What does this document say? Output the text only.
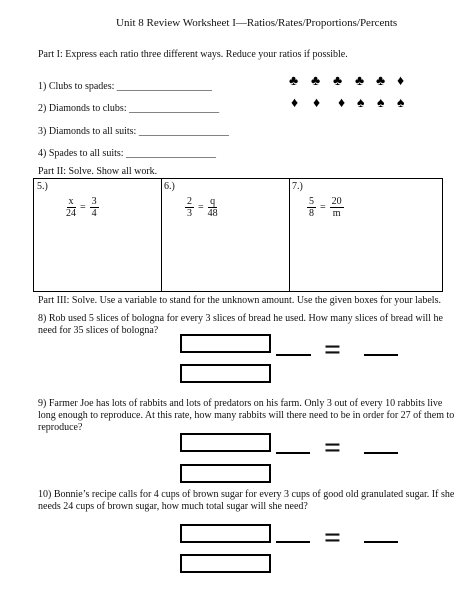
Unit 8 Review Worksheet I—Ratios/Rates/Proportions/Percents
Part I: Express each ratio three different ways. Reduce your ratios if possible.
1) Clubs to spades: ___________________
2) Diamonds to clubs: __________________
3) Diamonds to all suits: __________________
4) Spades to all suits: __________________
♣ ♣ ♣ ♣ ♣ ♦
♦ ♦ ♦ ♠ ♠ ♠
Part II: Solve. Show all work.
5.)
$\frac{x}{24} = \frac{3}{4}$
6.)
$\frac{2}{3} = \frac{q}{48}$
7.)
$\frac{5}{8} = \frac{20}{m}$
Part III: Solve. Use a variable to stand for the unknown amount. Use the given boxes for your labels.
8) Rob used 5 slices of bologna for every 3 slices of bread he used. How many slices of bread will he
need for 35 slices of bologna?
=
9) Farmer Joe has lots of rabbits and lots of predators on his farm. Only 3 out of every 10 rabbits live
long enough to reproduce. At this rate, how many rabbits will there need to be in order for 27 of them to
reproduce?
=
10) Bonnie’s recipe calls for 4 cups of brown sugar for every 3 cups of good old granulated sugar. If she
needs 24 cups of brown sugar, how much total sugar will she need?
=
